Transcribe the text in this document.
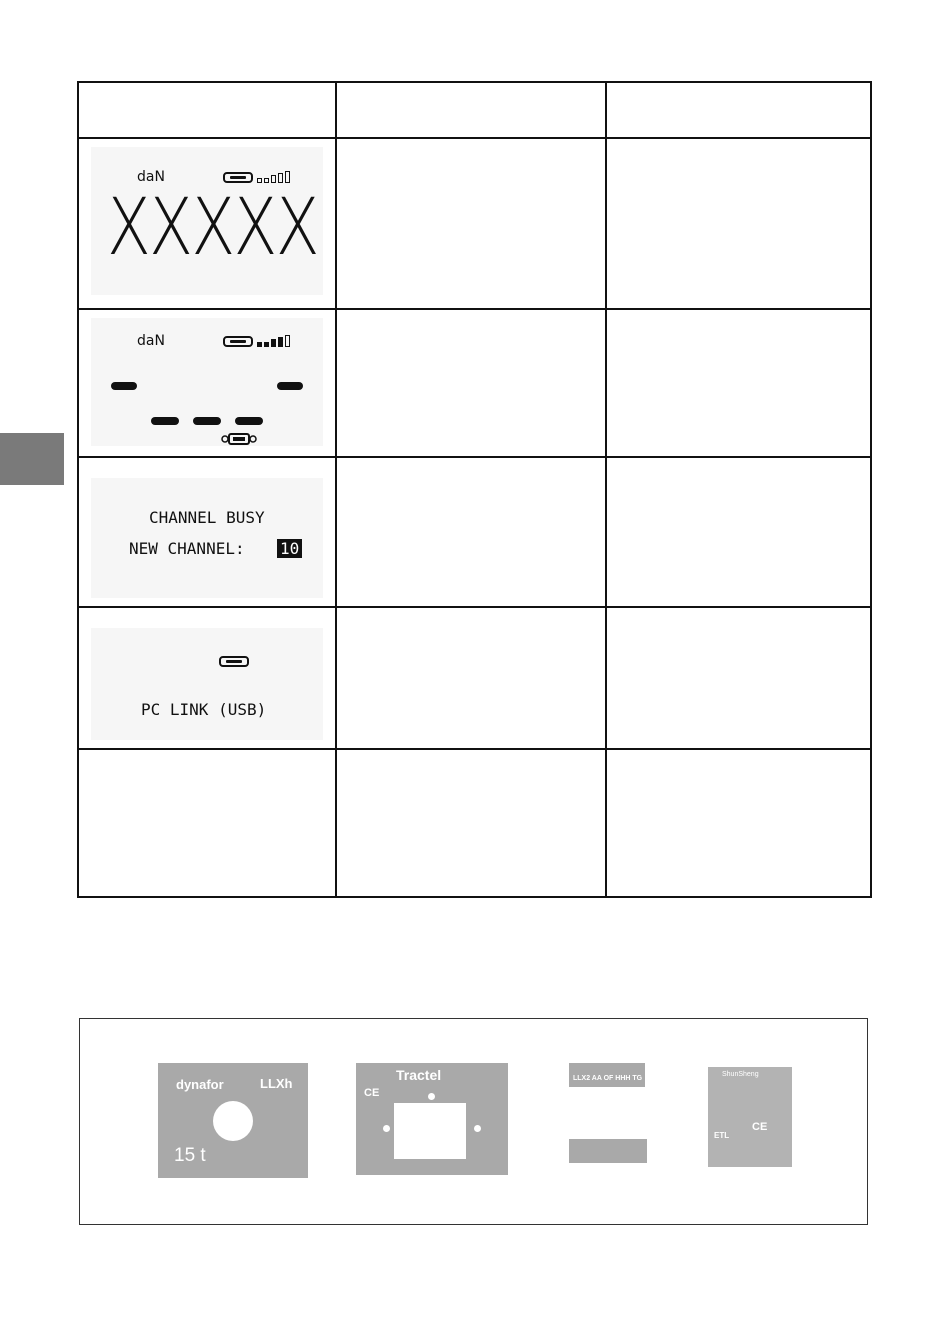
daN
XXXXX		

daN		

CHANNEL BUSY
NEW CHANNEL: 10		

PC LINK (USB)		

dynafor	LLXh
15 t
Tractel
CE
LLX2 AA OF HHH TG
ShunSheng
CE
ETL
